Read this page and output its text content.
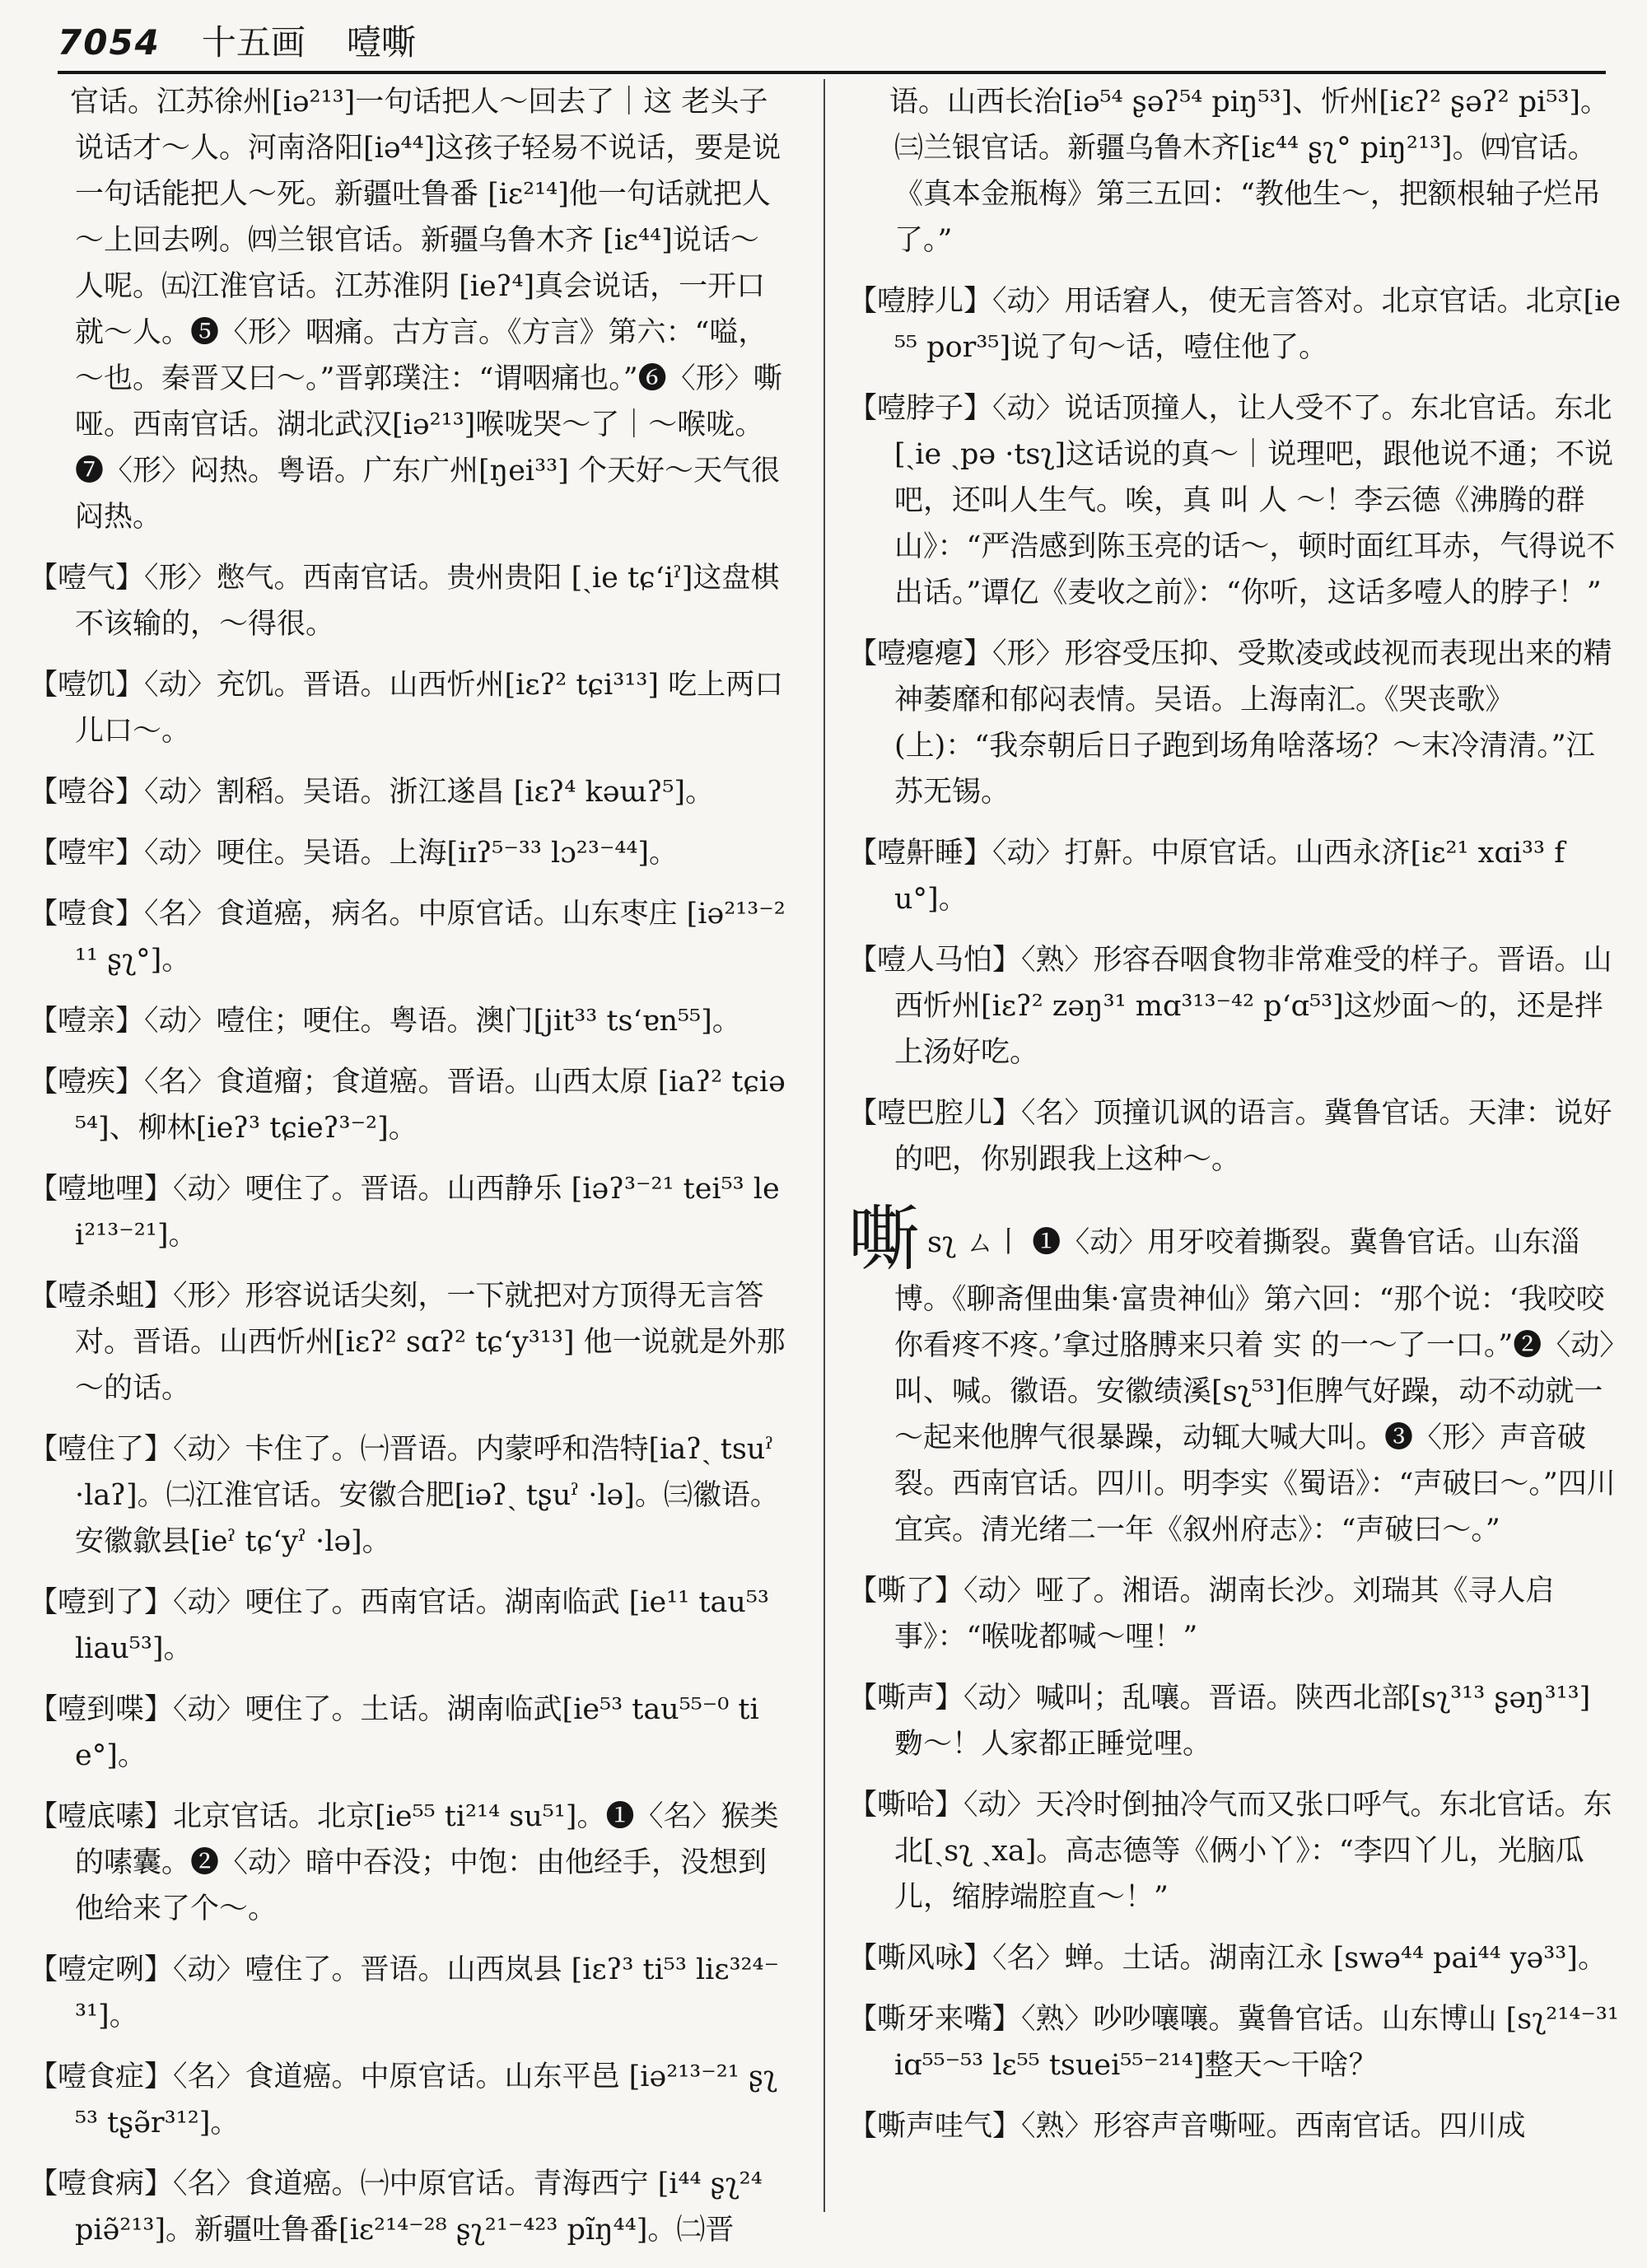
7054 十五画 噎嘶

官话。江苏徐州[iə²¹³]一句话把人～回去了｜这 老头子说话才～人。河南洛阳[iə⁴⁴]这孩子轻易不说话，要是说一句话能把人～死。新疆吐鲁番 [iɛ²¹⁴]他一句话就把人～上回去咧。㈣兰银官话。新疆乌鲁木齐 [iɛ⁴⁴]说话～人呢。㈤江淮官话。江苏淮阴 [ieʔ⁴]真会说话，一开口就～人。❺〈形〉咽痛。古方言。《方言》第六：“嗌，～也。秦晋又曰～。”晋郭璞注：“谓咽痛也。”❻〈形〉嘶哑。西南官话。湖北武汉[iə²¹³]喉咙哭～了｜～喉咙。❼〈形〉闷热。粤语。广东广州[ŋei³³] 个天好～天气很闷热。

【噎气】〈形〉憋气。西南官话。贵州贵阳 [ˏie tɕʻiˀ]这盘棋不该输的，～得很。

【噎饥】〈动〉充饥。晋语。山西忻州[iɛʔ² tɕi³¹³] 吃上两口儿口～。

【噎谷】〈动〉割稻。吴语。浙江遂昌 [iɛʔ⁴ kəɯʔ⁵]。

【噎牢】〈动〉哽住。吴语。上海[iɪʔ⁵⁻³³ lɔ²³⁻⁴⁴]。

【噎食】〈名〉食道癌，病名。中原官话。山东枣庄 [iə²¹³⁻²¹¹ ʂʅ°]。

【噎亲】〈动〉噎住；哽住。粤语。澳门[jit³³ tsʻɐn⁵⁵]。

【噎疾】〈名〉食道瘤；食道癌。晋语。山西太原 [iaʔ² tɕiə⁵⁴]、柳林[ieʔ³ tɕieʔ³⁻²]。

【噎地哩】〈动〉哽住了。晋语。山西静乐 [iəʔ³⁻²¹ tei⁵³ lei²¹³⁻²¹]。

【噎杀蛆】〈形〉形容说话尖刻，一下就把对方顶得无言答对。晋语。山西忻州[iɛʔ² sɑʔ² tɕʻy³¹³] 他一说就是外那～的话。

【噎住了】〈动〉卡住了。㈠晋语。内蒙呼和浩特[iaʔˎ tsuˀ ·laʔ]。㈡江淮官话。安徽合肥[iəʔˎ tʂuˀ ·lə]。㈢徽语。安徽歙县[ieˀ tɕʻyˀ ·lə]。

【噎到了】〈动〉哽住了。西南官话。湖南临武 [ie¹¹ tau⁵³ liau⁵³]。

【噎到喋】〈动〉哽住了。土话。湖南临武[ie⁵³ tau⁵⁵⁻⁰ tie°]。

【噎底嗉】北京官话。北京[ie⁵⁵ ti²¹⁴ su⁵¹]。❶〈名〉猴类的嗉囊。❷〈动〉暗中吞没；中饱：由他经手，没想到他给来了个～。

【噎定咧】〈动〉噎住了。晋语。山西岚县 [iɛʔ³ ti⁵³ liɛ³²⁴⁻³¹]。

【噎食症】〈名〉食道癌。中原官话。山东平邑 [iə²¹³⁻²¹ ʂʅ⁵³ tʂə̃r³¹²]。

【噎食病】〈名〉食道癌。㈠中原官话。青海西宁 [i⁴⁴ ʂʅ²⁴ piə̃²¹³]。新疆吐鲁番[iɛ²¹⁴⁻²⁸ ʂʅ²¹⁻⁴²³ pĩŋ⁴⁴]。㈡晋

语。山西长治[iə⁵⁴ ʂəʔ⁵⁴ piŋ⁵³]、忻州[iɛʔ² ʂəʔ² pi⁵³]。㈢兰银官话。新疆乌鲁木齐[iɛ⁴⁴ ʂʅ° piŋ²¹³]。㈣官话。《真本金瓶梅》第三五回：“教他生～，把额根轴子烂吊了。”

【噎脖儿】〈动〉用话窘人，使无言答对。北京官话。北京[ie⁵⁵ por³⁵]说了句～话，噎住他了。

【噎脖子】〈动〉说话顶撞人，让人受不了。东北官话。东北[ˏie ˏpə ·tsʅ]这话说的真～｜说理吧，跟他说不通；不说吧，还叫人生气。唉，真 叫 人 ～！李云德《沸腾的群山》：“严浩感到陈玉亮的话～，顿时面红耳赤，气得说不出话。”谭亿《麦收之前》：“你听，这话多噎人的脖子！”

【噎瘪瘪】〈形〉形容受压抑、受欺凌或歧视而表现出来的精神萎靡和郁闷表情。吴语。上海南汇。《哭丧歌》(上)：“我奈朝后日子跑到场角啥落场？～末冷清清。”江苏无锡。

【噎鼾睡】〈动〉打鼾。中原官话。山西永济[iɛ²¹ xɑi³³ fu°]。

【噎人马怕】〈熟〉形容吞咽食物非常难受的样子。晋语。山西忻州[iɛʔ² zəŋ³¹ mɑ³¹³⁻⁴² pʻɑ⁵³]这炒面～的，还是拌上汤好吃。

【噎巴腔儿】〈名〉顶撞讥讽的语言。冀鲁官话。天津：说好的吧，你别跟我上这种～。

嘶sʅ ㄙ丨 ❶〈动〉用牙咬着撕裂。冀鲁官话。山东淄博。《聊斋俚曲集·富贵神仙》第六回：“那个说：‘我咬咬你看疼不疼。’拿过胳膊来只着 实 的一～了一口。”❷〈动〉叫、喊。徽语。安徽绩溪[sʅ⁵³]佢脾气好躁，动不动就一～起来他脾气很暴躁，动辄大喊大叫。❸〈形〉声音破裂。西南官话。四川。明李实《蜀语》：“声破曰～。”四川宜宾。清光绪二一年《叙州府志》：“声破曰～。”

【嘶了】〈动〉哑了。湘语。湖南长沙。刘瑞其《寻人启事》：“喉咙都喊～哩！”

【嘶声】〈动〉喊叫；乱嚷。晋语。陕西北部[sʅ³¹³ ʂəŋ³¹³] 覅～！人家都正睡觉哩。

【嘶哈】〈动〉天冷时倒抽冷气而又张口呼气。东北官话。东北[ˏsʅ ˏxa]。高志德等《俩小丫》：“李四丫儿，光脑瓜儿，缩脖端腔直～！”

【嘶风咏】〈名〉蝉。土话。湖南江永 [swə⁴⁴ pai⁴⁴ yə³³]。

【嘶牙来嘴】〈熟〉吵吵嚷嚷。冀鲁官话。山东博山 [sʅ²¹⁴⁻³¹ iɑ⁵⁵⁻⁵³ lɛ⁵⁵ tsuei⁵⁵⁻²¹⁴]整天～干啥？

【嘶声哇气】〈熟〉形容声音嘶哑。西南官话。四川成
